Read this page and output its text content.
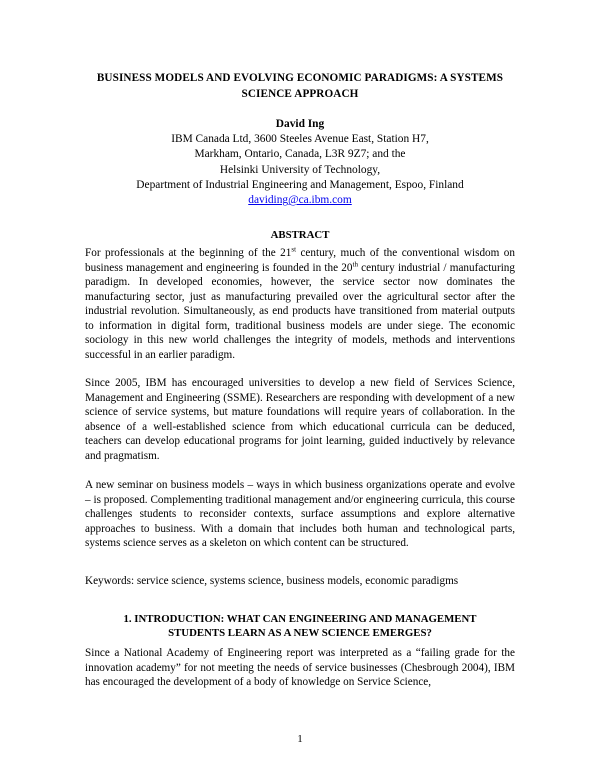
BUSINESS MODELS AND EVOLVING ECONOMIC PARADIGMS: A SYSTEMS
SCIENCE APPROACH
David Ing
IBM Canada Ltd, 3600 Steeles Avenue East, Station H7,
Markham, Ontario, Canada, L3R 9Z7; and the
Helsinki University of Technology,
Department of Industrial Engineering and Management, Espoo, Finland
daviding@ca.ibm.com
ABSTRACT
For professionals at the beginning of the 21st century, much of the conventional wisdom on business management and engineering is founded in the 20th century industrial / manufacturing paradigm. In developed economies, however, the service sector now dominates the manufacturing sector, just as manufacturing prevailed over the agricultural sector after the industrial revolution. Simultaneously, as end products have transitioned from material outputs to information in digital form, traditional business models are under siege. The economic sociology in this new world challenges the integrity of models, methods and interventions successful in an earlier paradigm.
Since 2005, IBM has encouraged universities to develop a new field of Services Science, Management and Engineering (SSME). Researchers are responding with development of a new science of service systems, but mature foundations will require years of collaboration. In the absence of a well-established science from which educational curricula can be deduced, teachers can develop educational programs for joint learning, guided inductively by relevance and pragmatism.
A new seminar on business models – ways in which business organizations operate and evolve – is proposed. Complementing traditional management and/or engineering curricula, this course challenges students to reconsider contexts, surface assumptions and explore alternative approaches to business. With a domain that includes both human and technological parts, systems science serves as a skeleton on which content can be structured.
Keywords: service science, systems science, business models, economic paradigms
1. INTRODUCTION: WHAT CAN ENGINEERING AND MANAGEMENT
STUDENTS LEARN AS A NEW SCIENCE EMERGES?
Since a National Academy of Engineering report was interpreted as a “failing grade for the innovation academy” for not meeting the needs of service businesses (Chesbrough 2004), IBM has encouraged the development of a body of knowledge on Service Science,
1
